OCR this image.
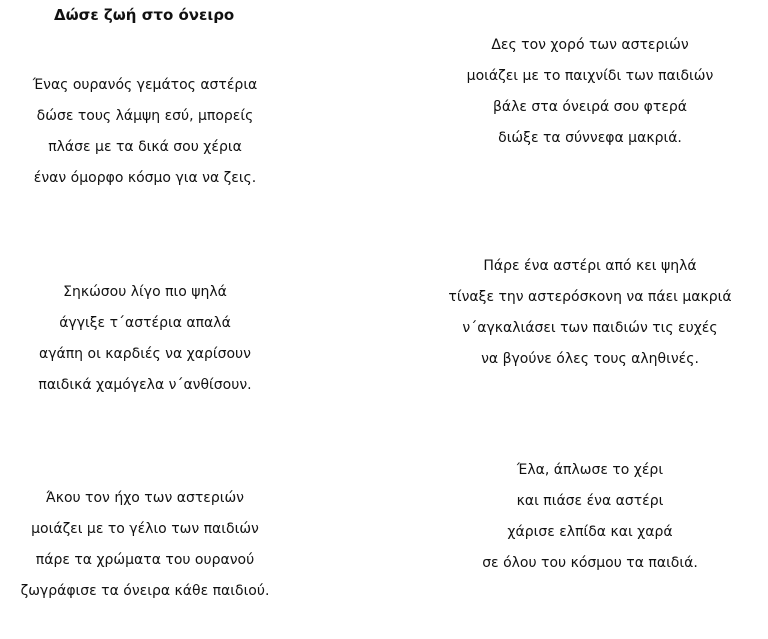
Δώσε ζωή στο όνειρο
Ένας ουρανός γεμάτος αστέρια
δώσε τους λάμψη εσύ, μπορείς
πλάσε με τα δικά σου χέρια
έναν όμορφο κόσμο για να ζεις.
Σηκώσου λίγο πιο ψηλά
άγγιξε τ΄αστέρια απαλά
αγάπη οι καρδιές να χαρίσουν
παιδικά χαμόγελα ν΄ανθίσουν.
Άκου τον ήχο των αστεριών
μοιάζει με το γέλιο των παιδιών
πάρε τα χρώματα του ουρανού
ζωγράφισε τα όνειρα κάθε παιδιού.
Δες τον χορό των αστεριών
μοιάζει με το παιχνίδι των παιδιών
βάλε στα όνειρά σου φτερά
διώξε τα σύννεφα μακριά.
Πάρε ένα αστέρι από κει ψηλά
τίναξε την αστερόσκονη να πάει μακριά
ν΄αγκαλιάσει των παιδιών τις ευχές
να βγούνε όλες τους αληθινές.
Έλα, άπλωσε το χέρι
και πιάσε ένα αστέρι
χάρισε ελπίδα και χαρά
σε όλου του κόσμου τα παιδιά.
